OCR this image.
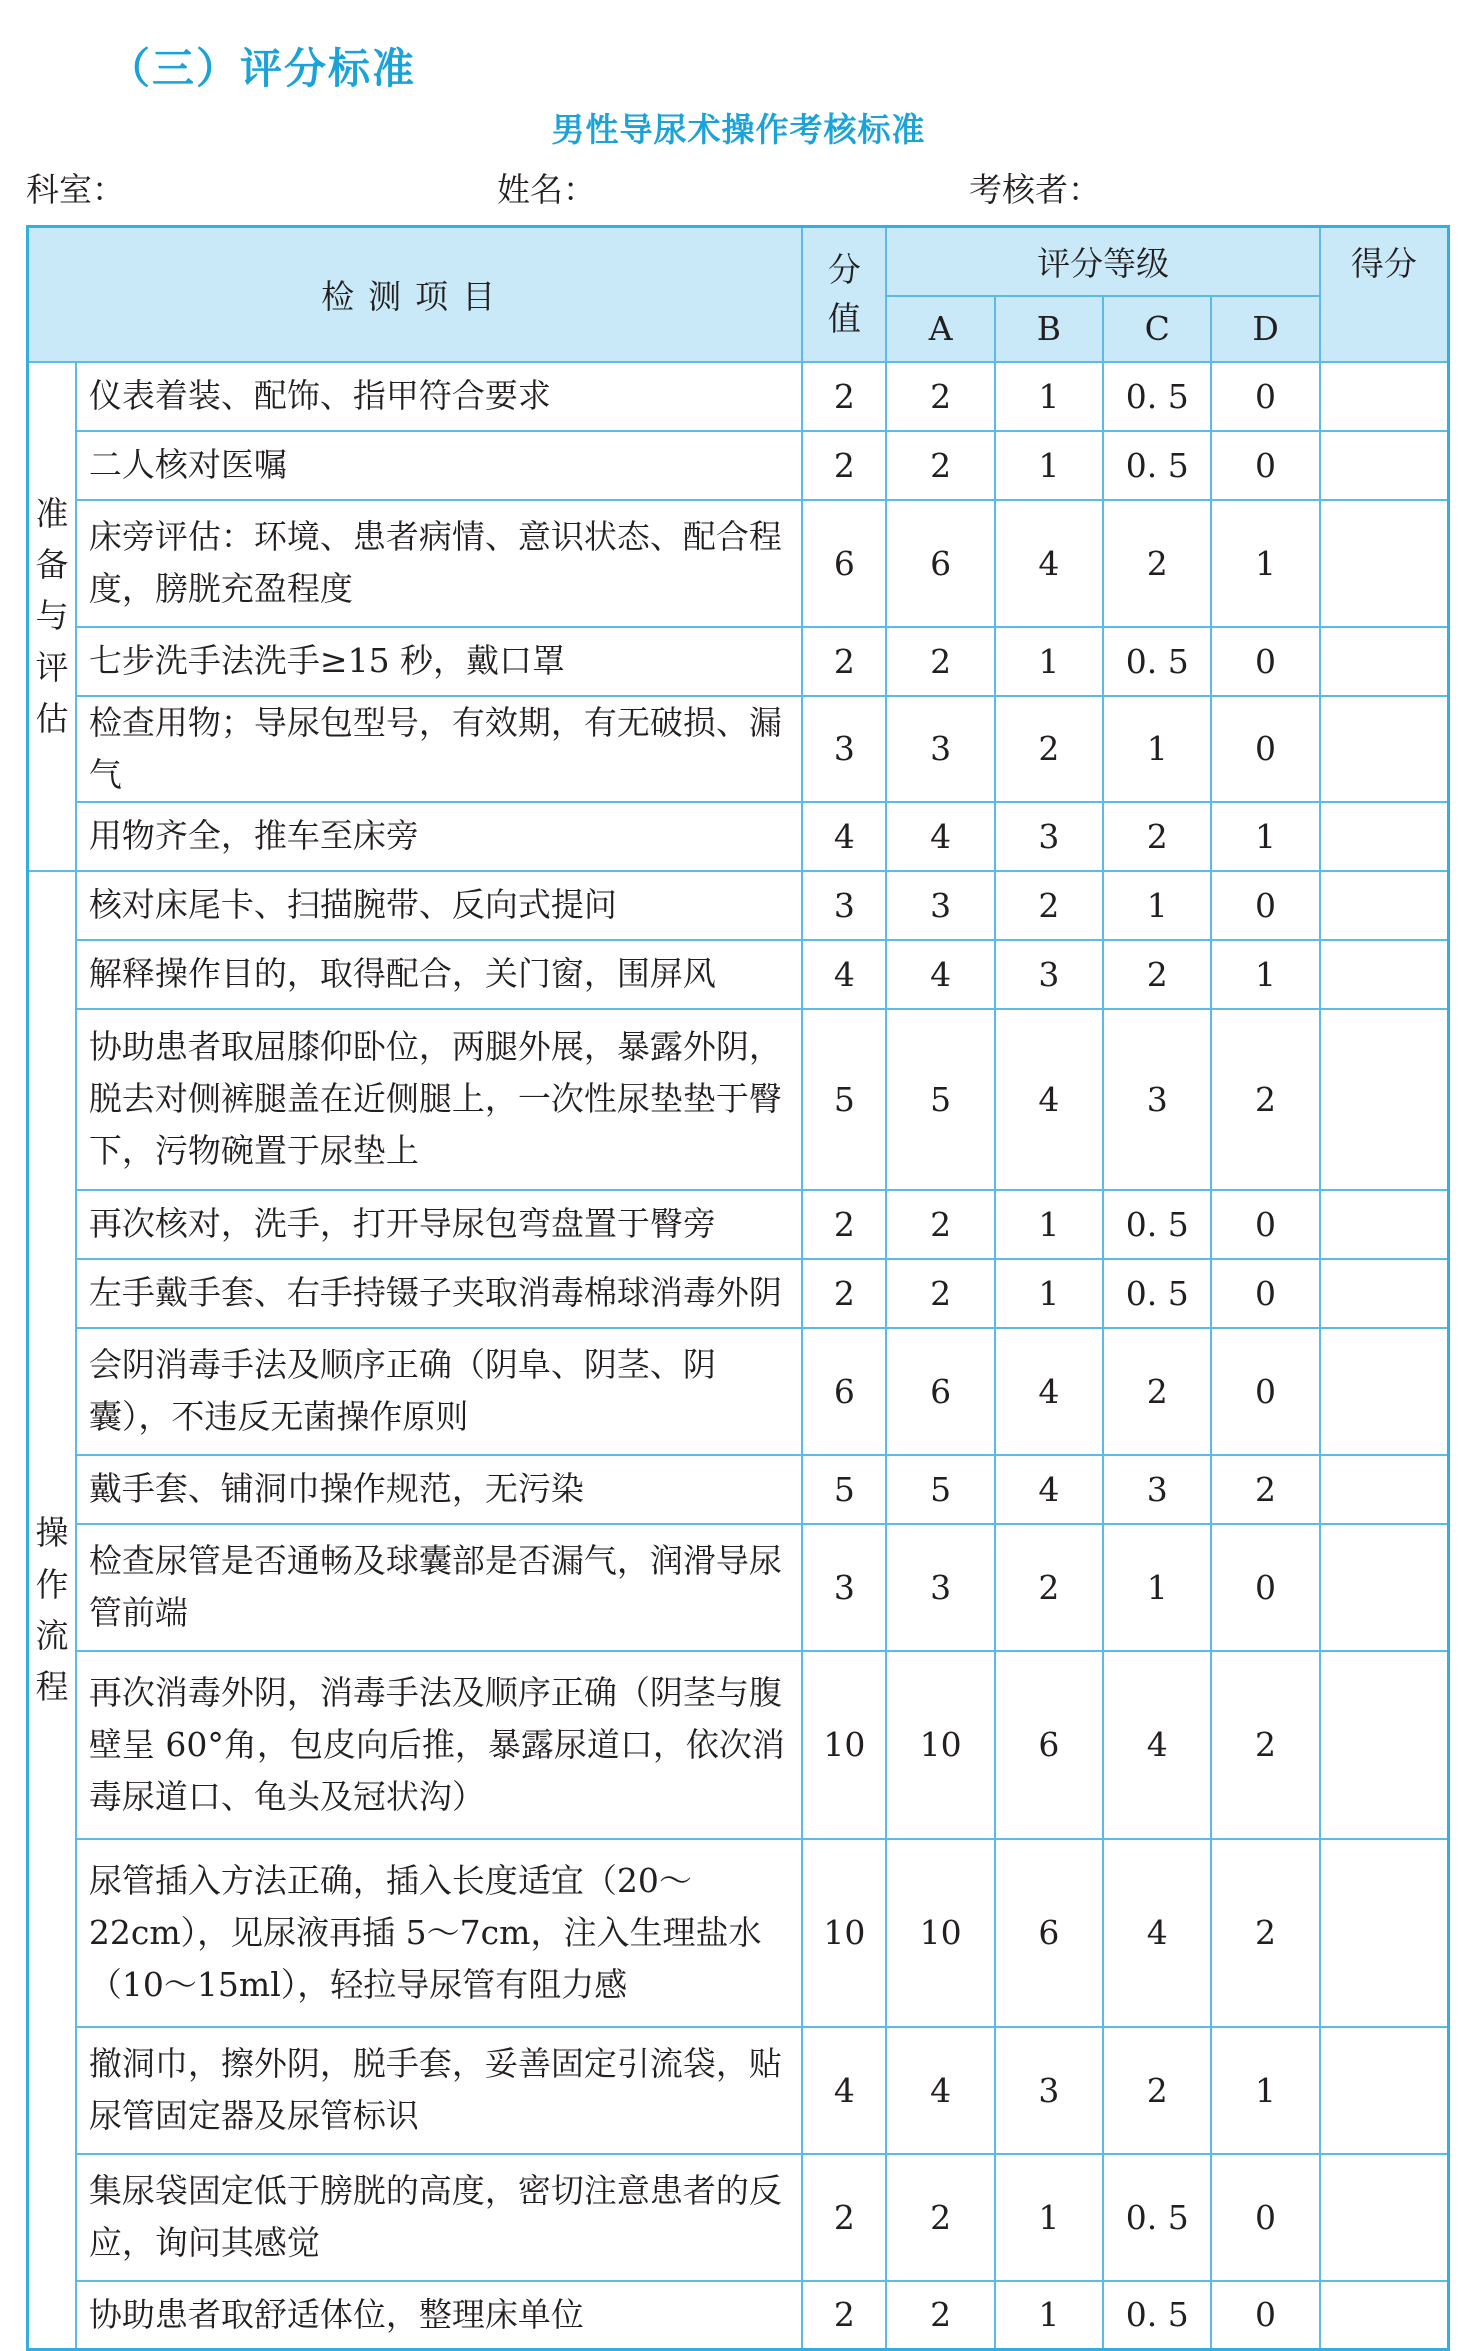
（三）评分标准
男性导尿术操作考核标准
科室：	姓名：	考核者：
检测项目		分
值	评分等级				得分
			A	B	C	D	
准
备
与
评
估	仪表着装、配饰、指甲符合要求	2	2	1	0. 5	0	
	二人核对医嘱	2	2	1	0. 5	0	
	床旁评估：环境、患者病情、意识状态、配合程度，膀胱充盈程度	6	6	4	2	1	
	七步洗手法洗手≥15 秒，戴口罩	2	2	1	0. 5	0	
	检查用物；导尿包型号，有效期，有无破损、漏气	3	3	2	1	0	
	用物齐全，推车至床旁	4	4	3	2	1	
操
作
流
程	核对床尾卡、扫描腕带、反向式提问	3	3	2	1	0	
	解释操作目的，取得配合，关门窗，围屏风	4	4	3	2	1	
	协助患者取屈膝仰卧位，两腿外展，暴露外阴，脱去对侧裤腿盖在近侧腿上，一次性尿垫垫于臀下，污物碗置于尿垫上	5	5	4	3	2	
	再次核对，洗手，打开导尿包弯盘置于臀旁	2	2	1	0. 5	0	
	左手戴手套、右手持镊子夹取消毒棉球消毒外阴	2	2	1	0. 5	0	
	会阴消毒手法及顺序正确（阴阜、阴茎、阴囊），不违反无菌操作原则	6	6	4	2	0	
	戴手套、铺洞巾操作规范，无污染	5	5	4	3	2	
	检查尿管是否通畅及球囊部是否漏气，润滑导尿管前端	3	3	2	1	0	
	再次消毒外阴，消毒手法及顺序正确（阴茎与腹壁呈 60°角，包皮向后推，暴露尿道口，依次消毒尿道口、龟头及冠状沟）	10	10	6	4	2	
	尿管插入方法正确，插入长度适宜（20～22cm），见尿液再插 5～7cm，注入生理盐水（10～15ml），轻拉导尿管有阻力感	10	10	6	4	2	
	撤洞巾，擦外阴，脱手套，妥善固定引流袋，贴尿管固定器及尿管标识	4	4	3	2	1	
	集尿袋固定低于膀胱的高度，密切注意患者的反应，询问其感觉	2	2	1	0. 5	0	
	协助患者取舒适体位，整理床单位	2	2	1	0. 5	0	
